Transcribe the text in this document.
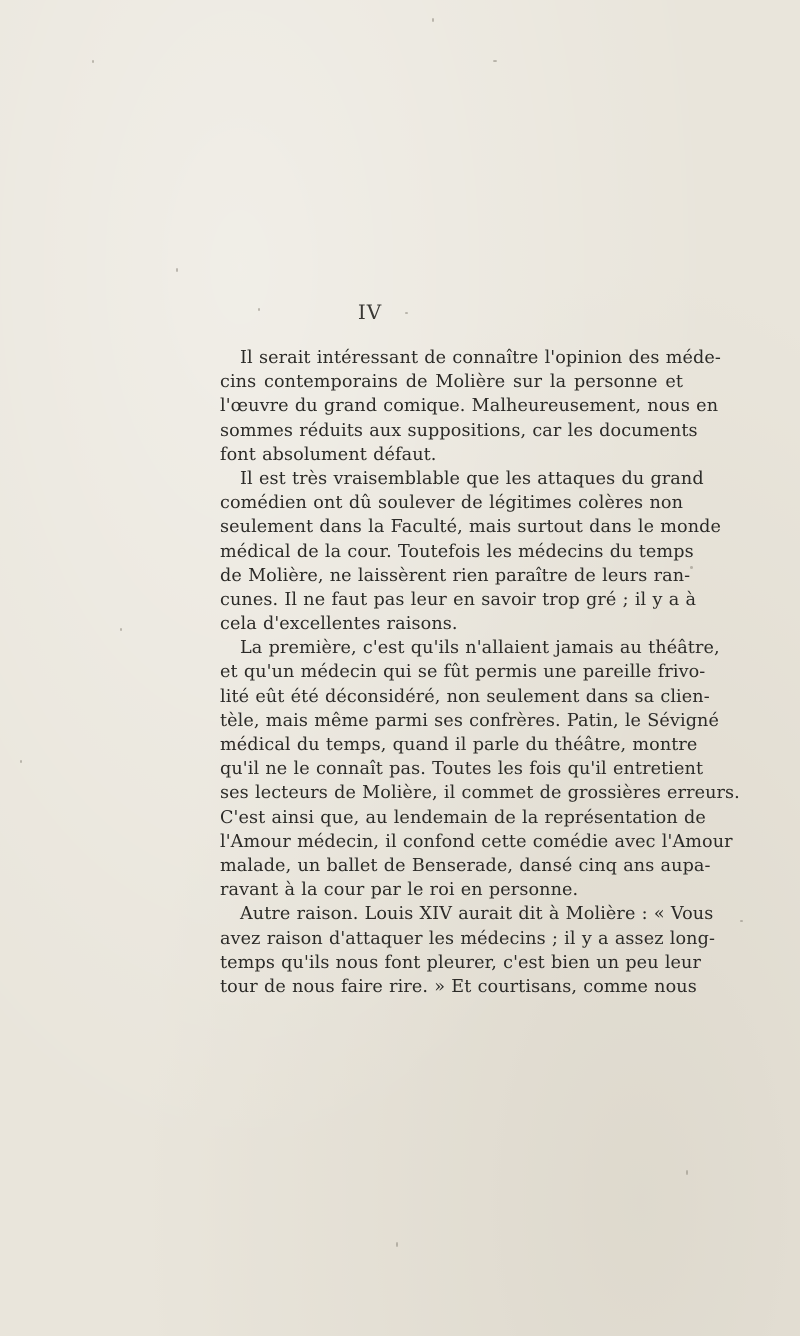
IV
Il serait intéressant de connaître l'opinion des méde-
cins contemporains de Molière sur la personne et
l'œuvre du grand comique. Malheureusement, nous en
sommes réduits aux suppositions, car les documents
font absolument défaut.
Il est très vraisemblable que les attaques du grand
comédien ont dû soulever de légitimes colères non
seulement dans la Faculté, mais surtout dans le monde
médical de la cour. Toutefois les médecins du temps
de Molière, ne laissèrent rien paraître de leurs ran-
cunes. Il ne faut pas leur en savoir trop gré ; il y a à
cela d'excellentes raisons.
La première, c'est qu'ils n'allaient jamais au théâtre,
et qu'un médecin qui se fût permis une pareille frivo-
lité eût été déconsidéré, non seulement dans sa clien-
tèle, mais même parmi ses confrères. Patin, le Sévigné
médical du temps, quand il parle du théâtre, montre
qu'il ne le connaît pas. Toutes les fois qu'il entretient
ses lecteurs de Molière, il commet de grossières erreurs.
C'est ainsi que, au lendemain de la représentation de
l'Amour médecin, il confond cette comédie avec l'Amour
malade, un ballet de Benserade, dansé cinq ans aupa-
ravant à la cour par le roi en personne.
Autre raison. Louis XIV aurait dit à Molière : « Vous
avez raison d'attaquer les médecins ; il y a assez long-
temps qu'ils nous font pleurer, c'est bien un peu leur
tour de nous faire rire. » Et courtisans, comme nous
